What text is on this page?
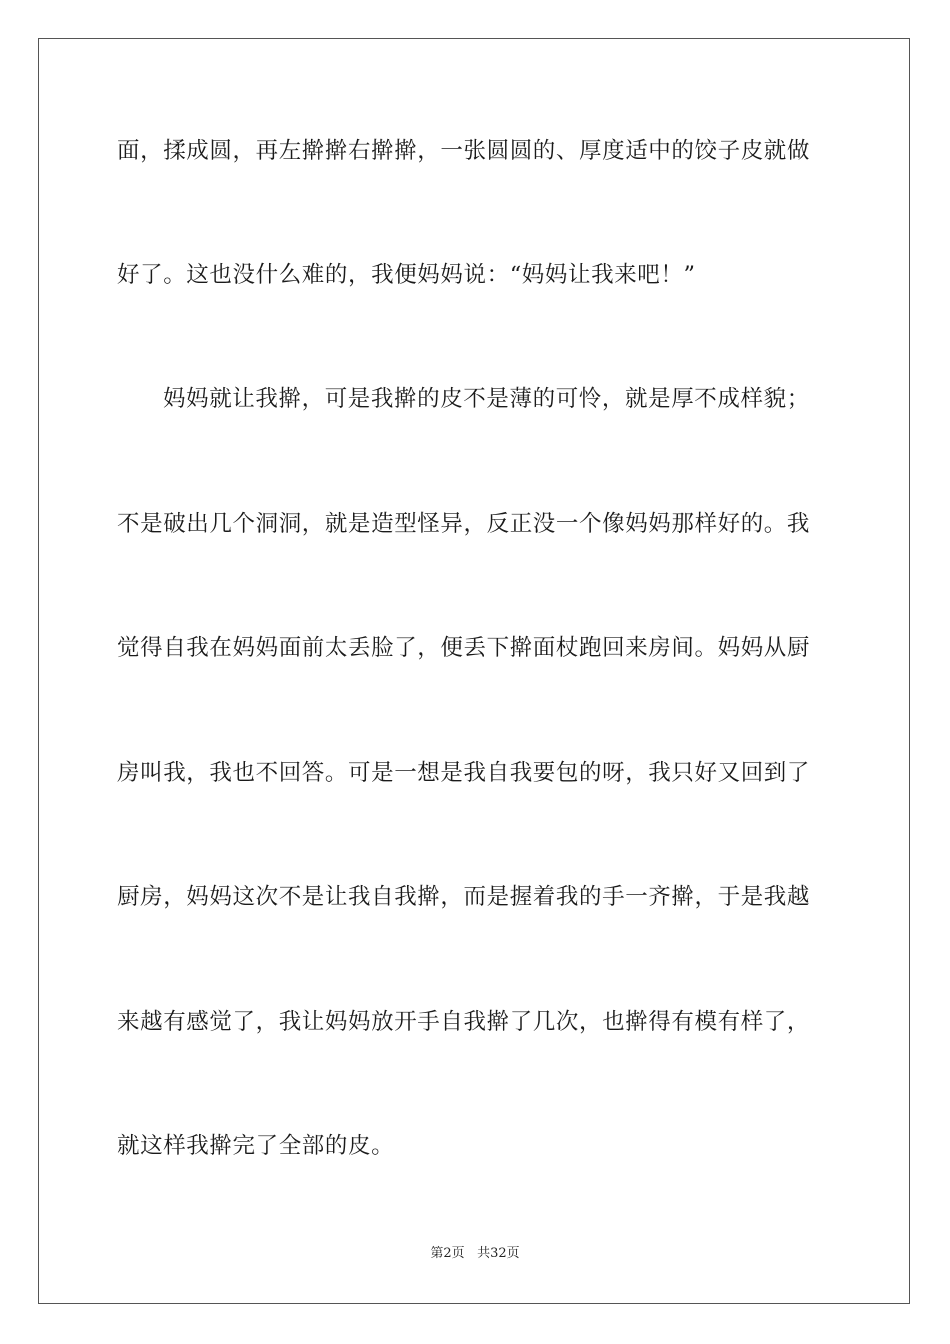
面，揉成圆，再左擀擀右擀擀，一张圆圆的、厚度适中的饺子皮就做
好了。这也没什么难的，我便妈妈说：“妈妈让我来吧！”
妈妈就让我擀，可是我擀的皮不是薄的可怜，就是厚不成样貌；
不是破出几个洞洞，就是造型怪异，反正没一个像妈妈那样好的。我
觉得自我在妈妈面前太丢脸了，便丢下擀面杖跑回来房间。妈妈从厨
房叫我，我也不回答。可是一想是我自我要包的呀，我只好又回到了
厨房，妈妈这次不是让我自我擀，而是握着我的手一齐擀，于是我越
来越有感觉了，我让妈妈放开手自我擀了几次，也擀得有模有样了，
就这样我擀完了全部的皮。
第2页 共32页
